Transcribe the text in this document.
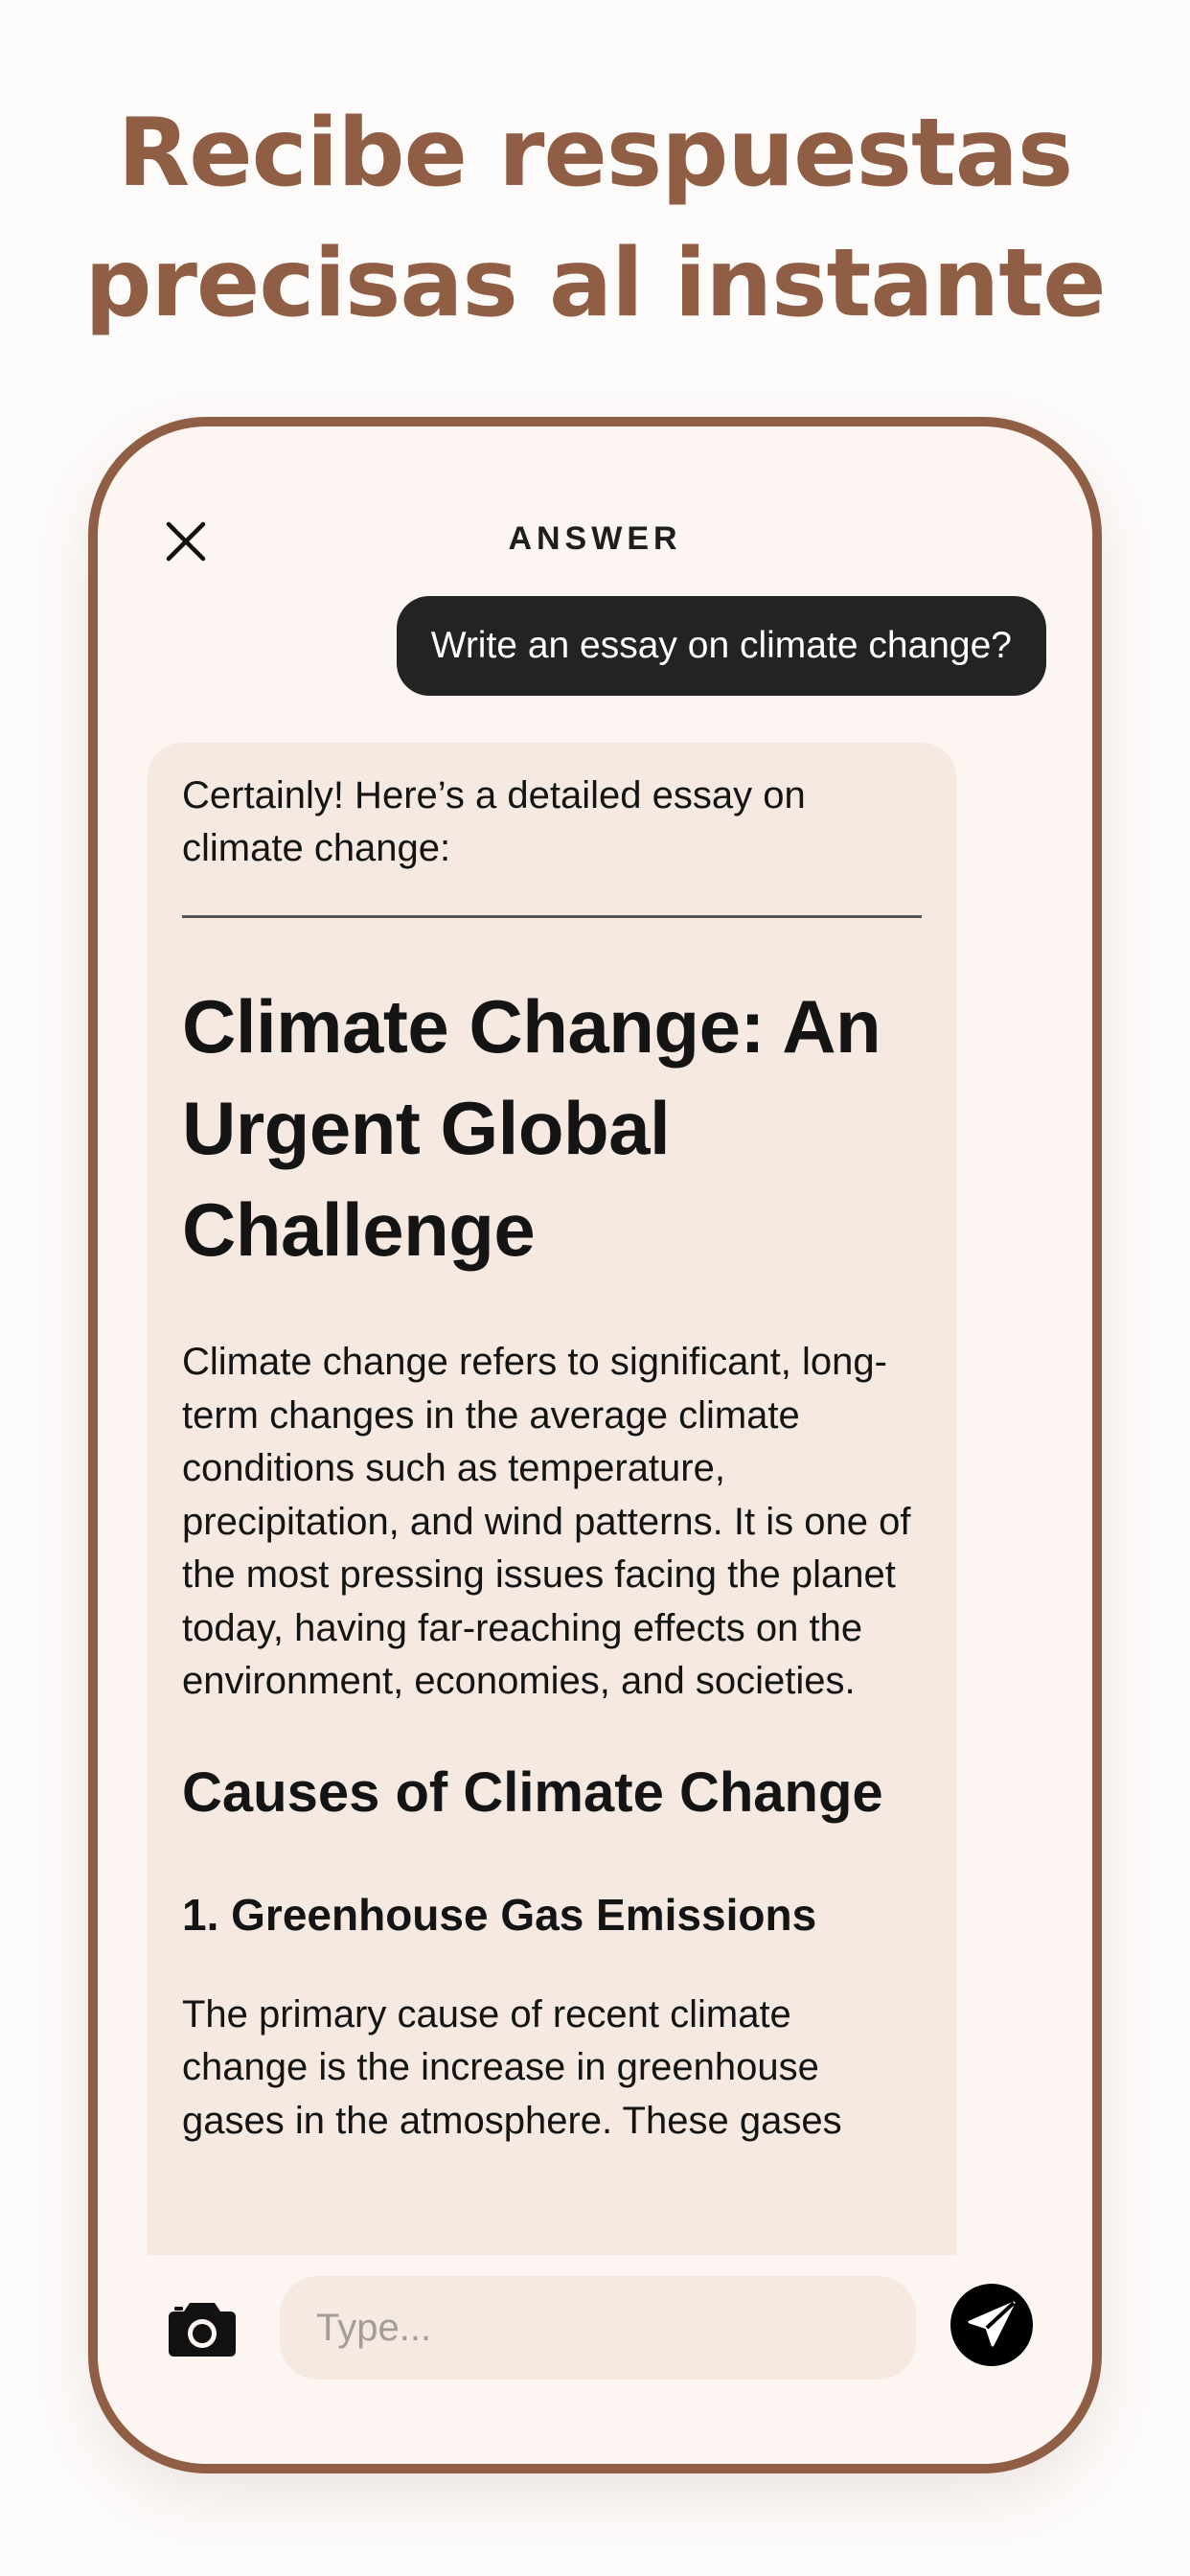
Recibe respuestas
precisas al instante
ANSWER
Write an essay on climate change?

Certainly! Here’s a detailed essay on climate change:

Climate Change: An Urgent Global Challenge

Climate change refers to significant, long-term changes in the average climate conditions such as temperature, precipitation, and wind patterns. It is one of the most pressing issues facing the planet today, having far-reaching effects on the environment, economies, and societies.

Causes of Climate Change
1. Greenhouse Gas Emissions

The primary cause of recent climate change is the increase in greenhouse gases in the atmosphere. These gases

Type...
